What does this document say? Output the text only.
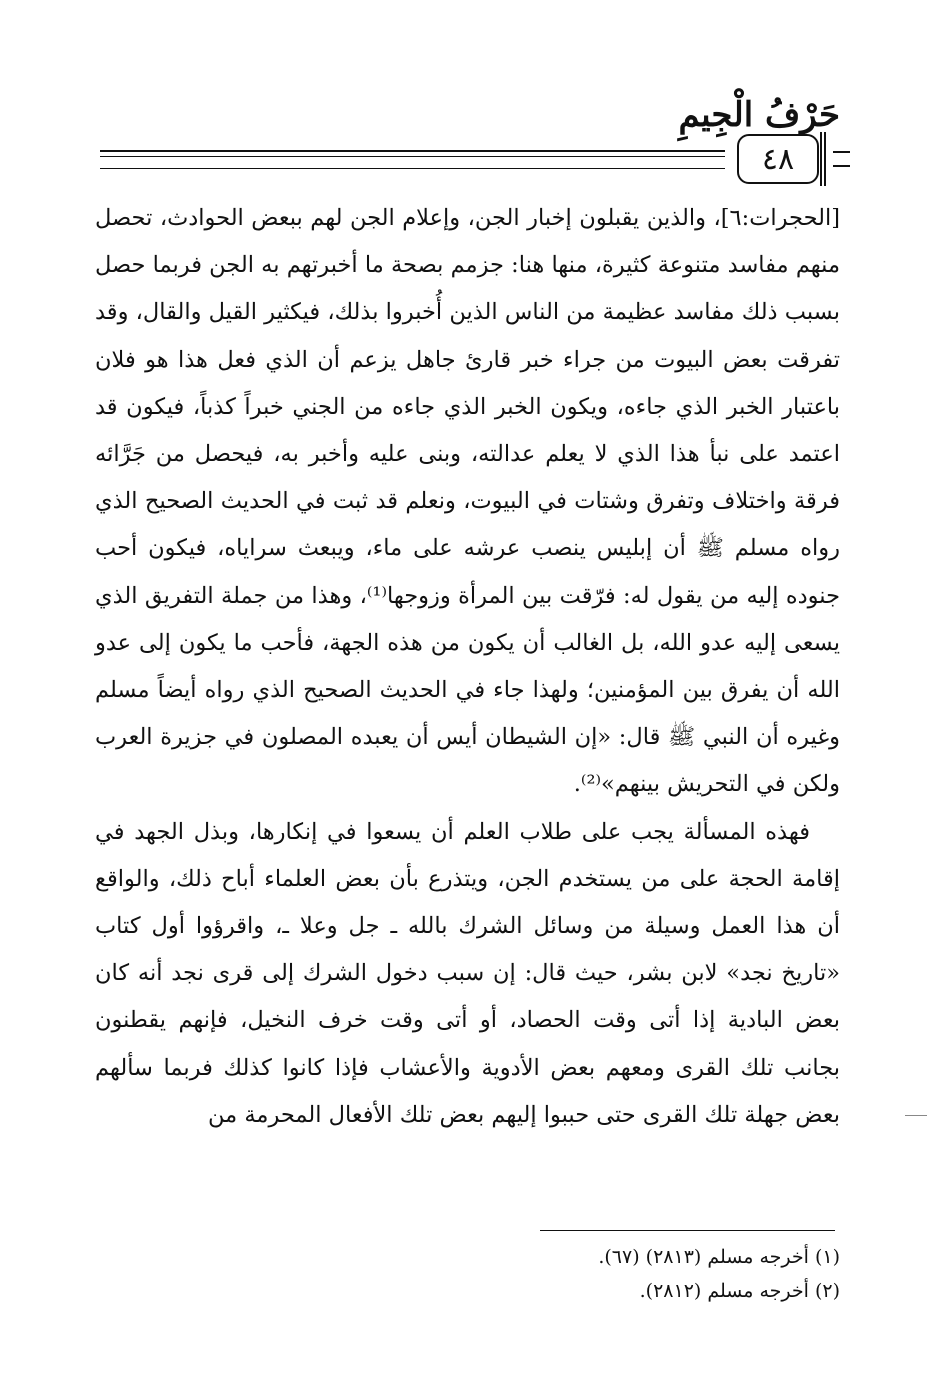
حَرْفُ الْجِيمِ
٤٨

[الحجرات:٦]، والذين يقبلون إخبار الجن، وإعلام الجن لهم ببعض الحوادث، تحصل منهم مفاسد متنوعة كثيرة، منها هنا: جزمم بصحة ما أخبرتهم به الجن فربما حصل بسبب ذلك مفاسد عظيمة من الناس الذين أُخبروا بذلك، فيكثير القيل والقال، وقد تفرقت بعض البيوت من جراء خبر قارئ جاهل يزعم أن الذي فعل هذا هو فلان باعتبار الخبر الذي جاءه، ويكون الخبر الذي جاءه من الجني خبراً كذباً، فيكون قد اعتمد على نبأ هذا الذي لا يعلم عدالته، وبنى عليه وأخبر به، فيحصل من جَرَّائه فرقة واختلاف وتفرق وشتات في البيوت، ونعلم قد ثبت في الحديث الصحيح الذي رواه مسلم ﷺ أن إبليس ينصب عرشه على ماء، ويبعث سراياه، فيكون أحب جنوده إليه من يقول له: فرّقت بين المرأة وزوجها⁽¹⁾، وهذا من جملة التفريق الذي يسعى إليه عدو الله، بل الغالب أن يكون من هذه الجهة، فأحب ما يكون إلى عدو الله أن يفرق بين المؤمنين؛ ولهذا جاء في الحديث الصحيح الذي رواه أيضاً مسلم وغيره أن النبي ﷺ قال: «إن الشيطان أيس أن يعبده المصلون في جزيرة العرب ولكن في التحريش بينهم»⁽²⁾.

فهذه المسألة يجب على طلاب العلم أن يسعوا في إنكارها، وبذل الجهد في إقامة الحجة على من يستخدم الجن، ويتذرع بأن بعض العلماء أباح ذلك، والواقع أن هذا العمل وسيلة من وسائل الشرك بالله ـ جل وعلا ـ، واقرؤوا أول كتاب «تاريخ نجد» لابن بشر، حيث قال: إن سبب دخول الشرك إلى قرى نجد أنه كان بعض البادية إذا أتى وقت الحصاد، أو أتى وقت خرف النخيل، فإنهم يقطنون بجانب تلك القرى ومعهم بعض الأدوية والأعشاب فإذا كانوا كذلك فربما سألهم بعض جهلة تلك القرى حتى حببوا إليهم بعض تلك الأفعال المحرمة من

(١) أخرجه مسلم (٢٨١٣) (٦٧).
(٢) أخرجه مسلم (٢٨١٢).
